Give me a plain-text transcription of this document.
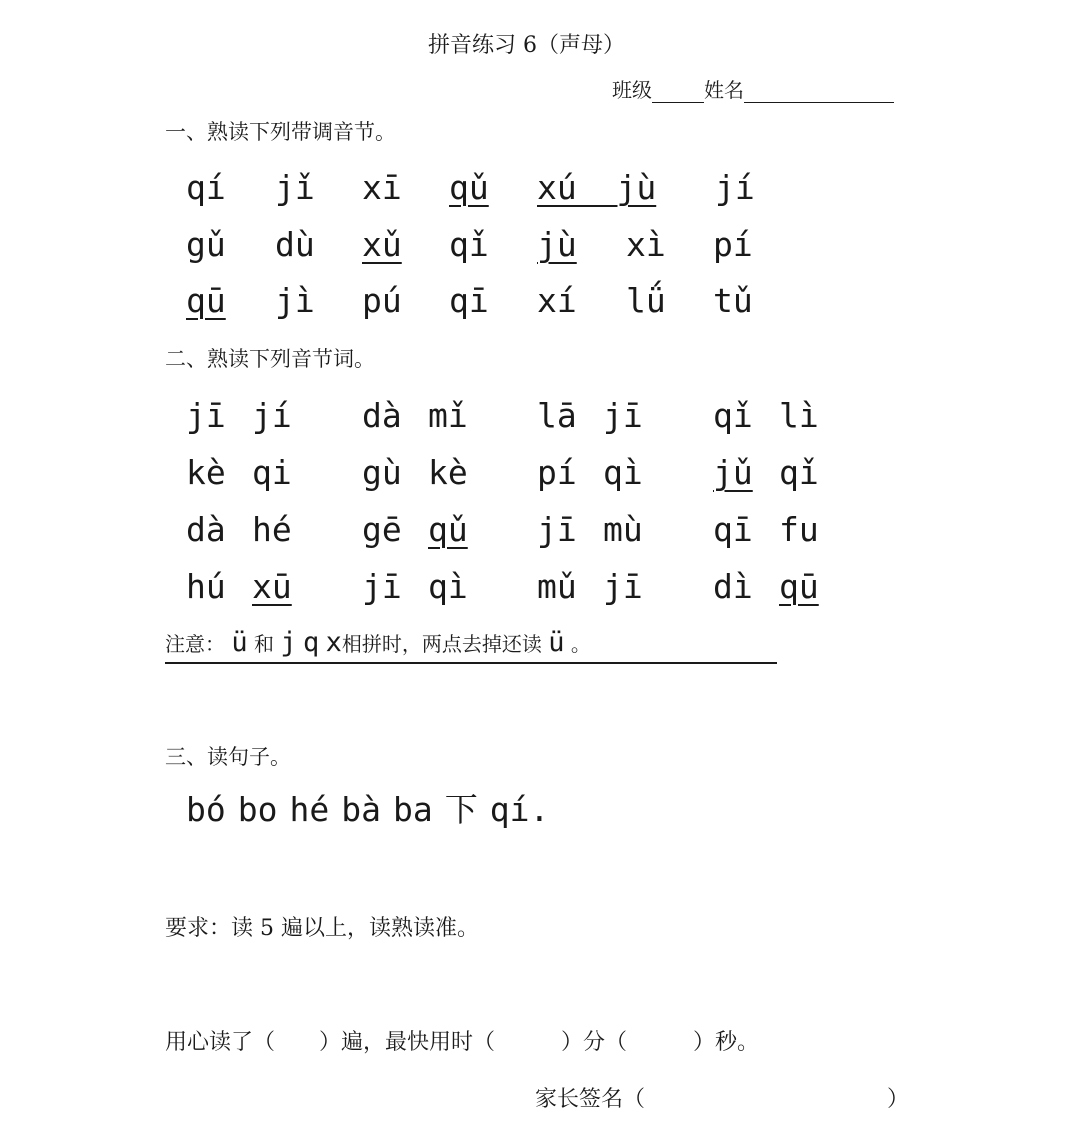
拼音练习 6（声母）
班级	姓名
一、熟读下列带调音节。
qí jǐ xī qǔ xú  jù jí
gǔ dù xǔ qǐ jù xì pí
qū jì pú qī xí lǘ tǔ
二、熟读下列音节词。
jī jí dà mǐ lā jī qǐ lì
kè qi gù kè pí qì jǔ qǐ
dà hé gē qǔ jī mù qī fu
hú xū jī qì mǔ jī dì qū
注意： ü 和 j q x相拼时，两点去掉还读 ü 。
三、读句子。
bó bo hé bà ba 下 qí.
要求：读 5 遍以上，读熟读准。
用心读了（　　）遍，最快用时（　　　）分（　　　）秒。
家长签名（　　　　　　　　　　　）
